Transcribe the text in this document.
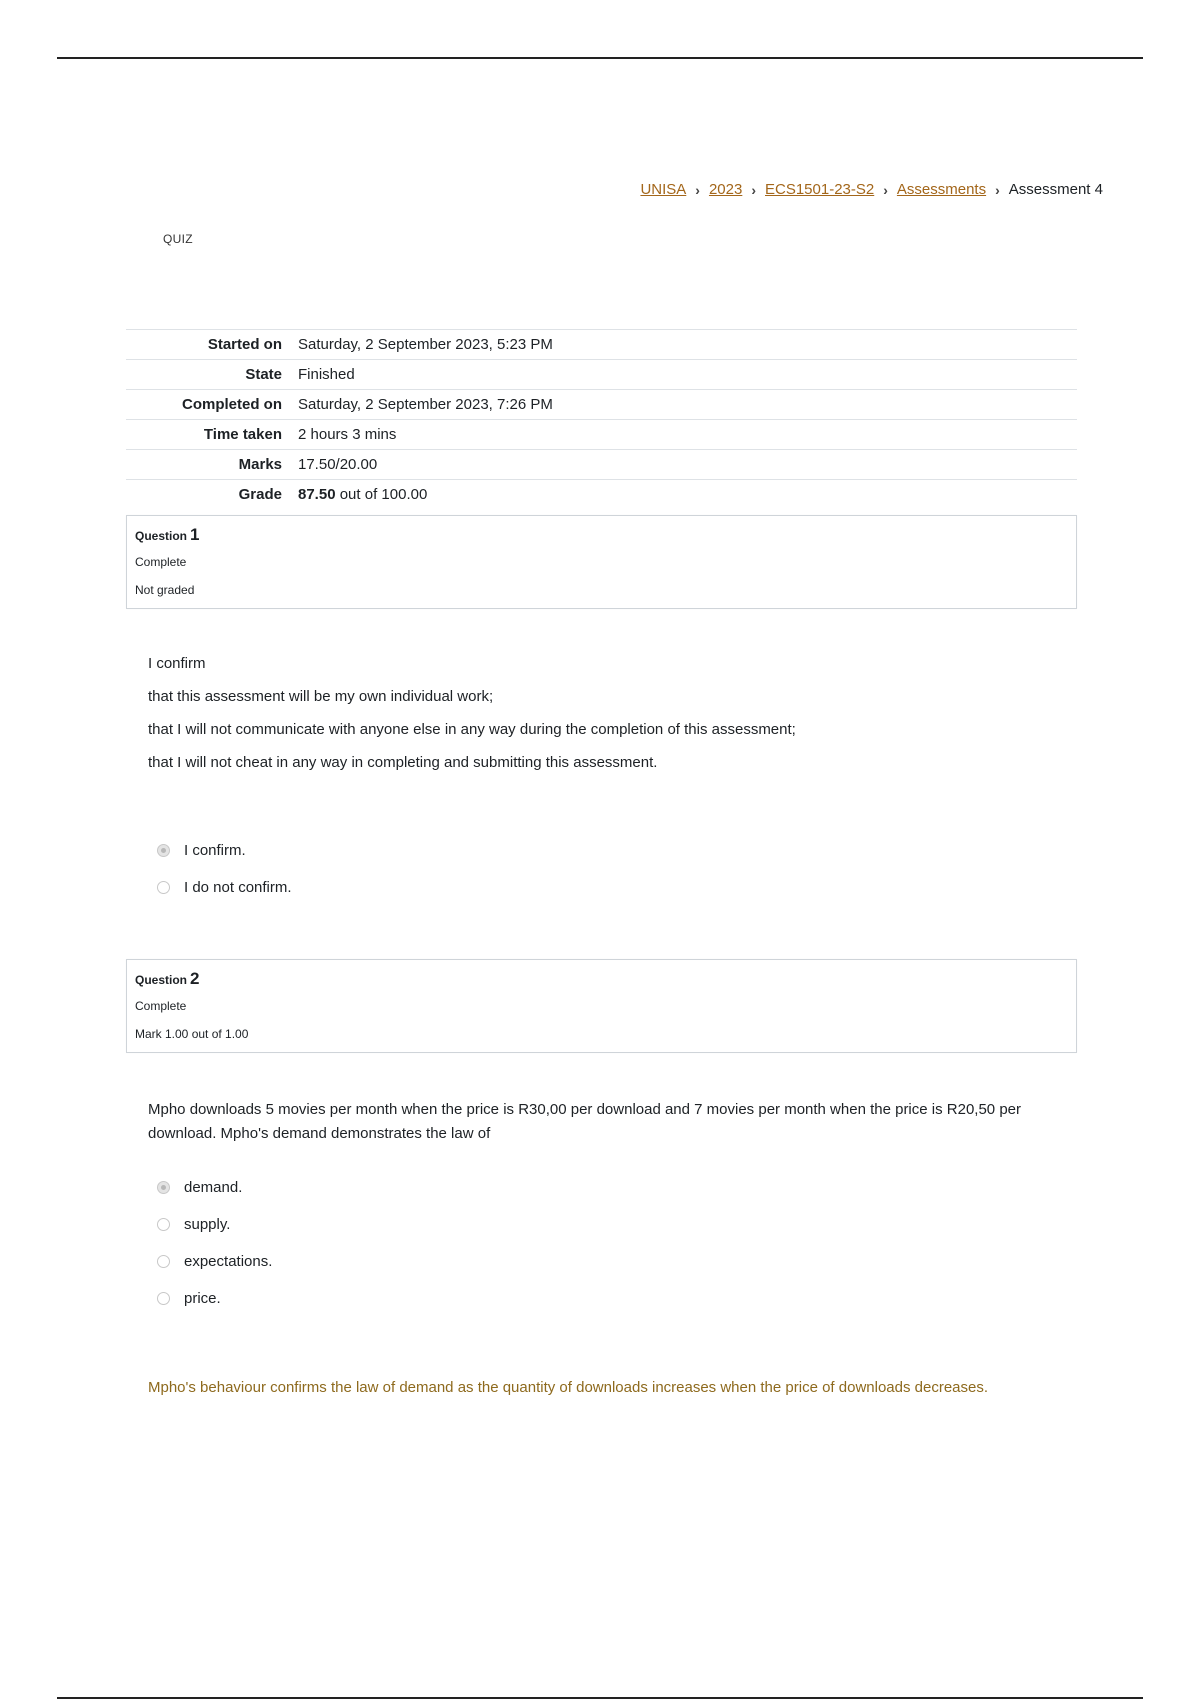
UNISA › 2023 › ECS1501-23-S2 › Assessments › Assessment 4
QUIZ
Started on	Saturday, 2 September 2023, 5:23 PM
State	Finished
Completed on	Saturday, 2 September 2023, 7:26 PM
Time taken	2 hours 3 mins
Marks	17.50/20.00
Grade	87.50 out of 100.00
Question 1
Complete
Not graded

I confirm

that this assessment will be my own individual work;

that I will not communicate with anyone else in any way during the completion of this assessment;

that I will not cheat in any way in completing and submitting this assessment.

I confirm.
I do not confirm.
Question 2
Complete
Mark 1.00 out of 1.00

Mpho downloads 5 movies per month when the price is R30,00 per download and 7 movies per month when the price is R20,50 per download. Mpho's demand demonstrates the law of

demand.
supply.
expectations.
price.
Mpho's behaviour confirms the law of demand as the quantity of downloads increases when the price of downloads decreases.
